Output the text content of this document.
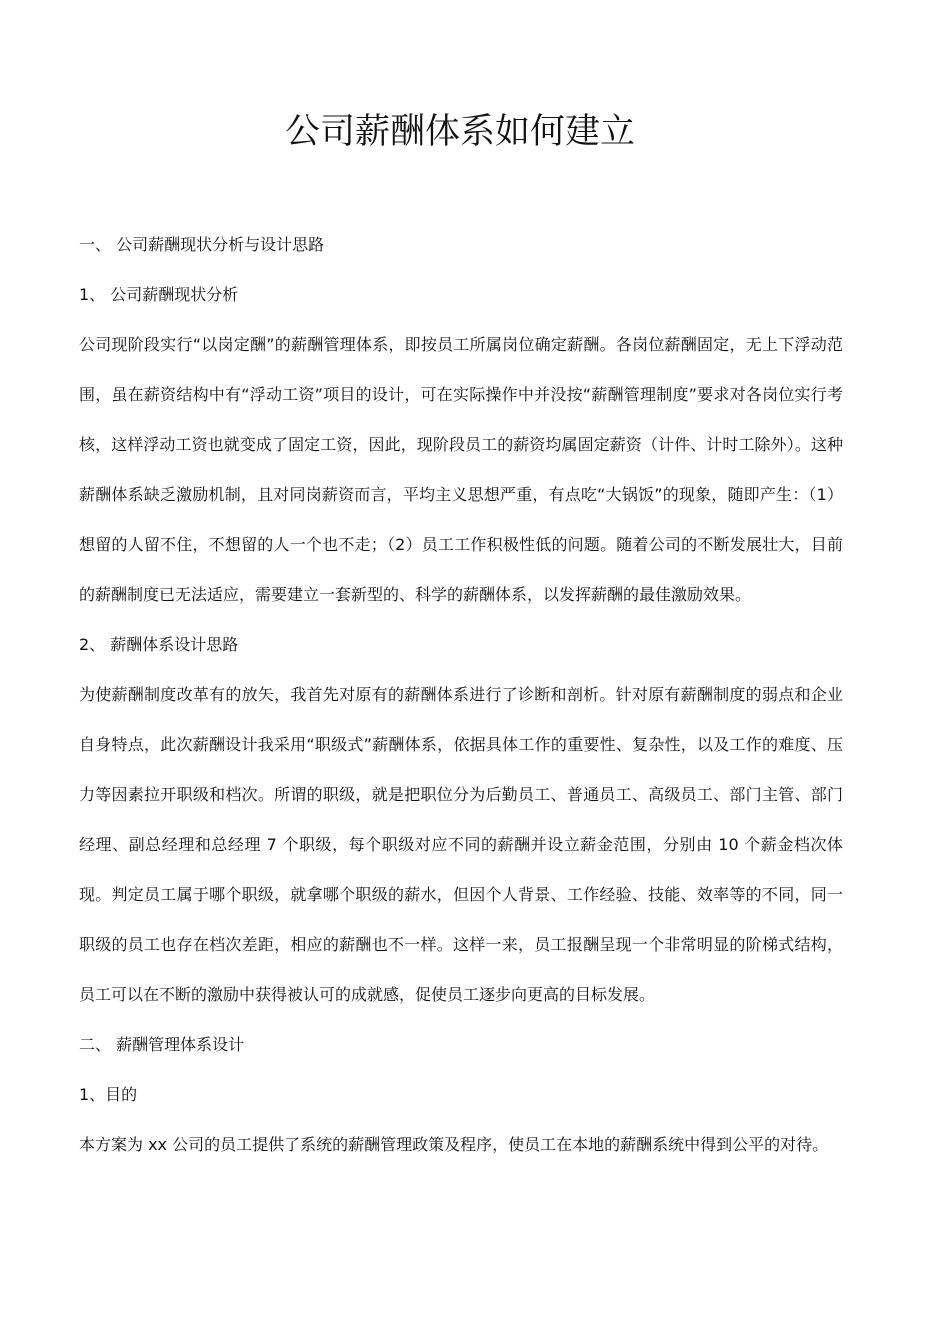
公司薪酬体系如何建立

一、 公司薪酬现状分析与设计思路

1、 公司薪酬现状分析

公司现阶段实行“以岗定酬”的薪酬管理体系，即按员工所属岗位确定薪酬。各岗位薪酬固定，无上下浮动范围，虽在薪资结构中有“浮动工资”项目的设计，可在实际操作中并没按“薪酬管理制度”要求对各岗位实行考核，这样浮动工资也就变成了固定工资，因此，现阶段员工的薪资均属固定薪资（计件、计时工除外）。这种薪酬体系缺乏激励机制，且对同岗薪资而言，平均主义思想严重，有点吃“大锅饭”的现象，随即产生：（1）想留的人留不住，不想留的人一个也不走；（2）员工工作积极性低的问题。随着公司的不断发展壮大，目前的薪酬制度已无法适应，需要建立一套新型的、科学的薪酬体系，以发挥薪酬的最佳激励效果。

2、 薪酬体系设计思路

为使薪酬制度改革有的放矢，我首先对原有的薪酬体系进行了诊断和剖析。针对原有薪酬制度的弱点和企业自身特点，此次薪酬设计我采用“职级式”薪酬体系，依据具体工作的重要性、复杂性，以及工作的难度、压力等因素拉开职级和档次。所谓的职级，就是把职位分为后勤员工、普通员工、高级员工、部门主管、部门经理、副总经理和总经理 7 个职级，每个职级对应不同的薪酬并设立薪金范围，分别由 10 个薪金档次体现。判定员工属于哪个职级，就拿哪个职级的薪水，但因个人背景、工作经验、技能、效率等的不同，同一职级的员工也存在档次差距，相应的薪酬也不一样。这样一来，员工报酬呈现一个非常明显的阶梯式结构，员工可以在不断的激励中获得被认可的成就感，促使员工逐步向更高的目标发展。

二、 薪酬管理体系设计

1、目的

本方案为 xx 公司的员工提供了系统的薪酬管理政策及程序，使员工在本地的薪酬系统中得到公平的对待。
